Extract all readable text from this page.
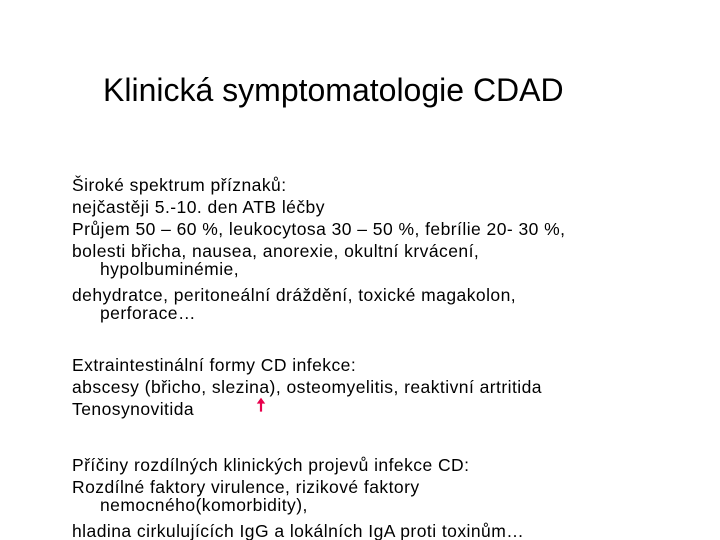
Klinická symptomatologie CDAD
Široké spektrum příznaků:
nejčastěji 5.-10. den ATB léčby
Průjem 50 – 60 %, leukocytosa 30 – 50 %, febrílie 20- 30 %,
bolesti břicha, nausea, anorexie, okultní krvácení,
hypolbuminémie,
dehydratce, peritoneální dráždění, toxické magakolon,
perforace…
Extraintestinální formy CD infekce:
abscesy (břicho, slezina), osteomyelitis, reaktivní artritida
Tenosynovitida
Příčiny rozdílných klinických projevů infekce CD:
Rozdílné faktory virulence, rizikové faktory
nemocného(komorbidity),
hladina cirkulujících IgG a lokálních IgA proti toxinům…
